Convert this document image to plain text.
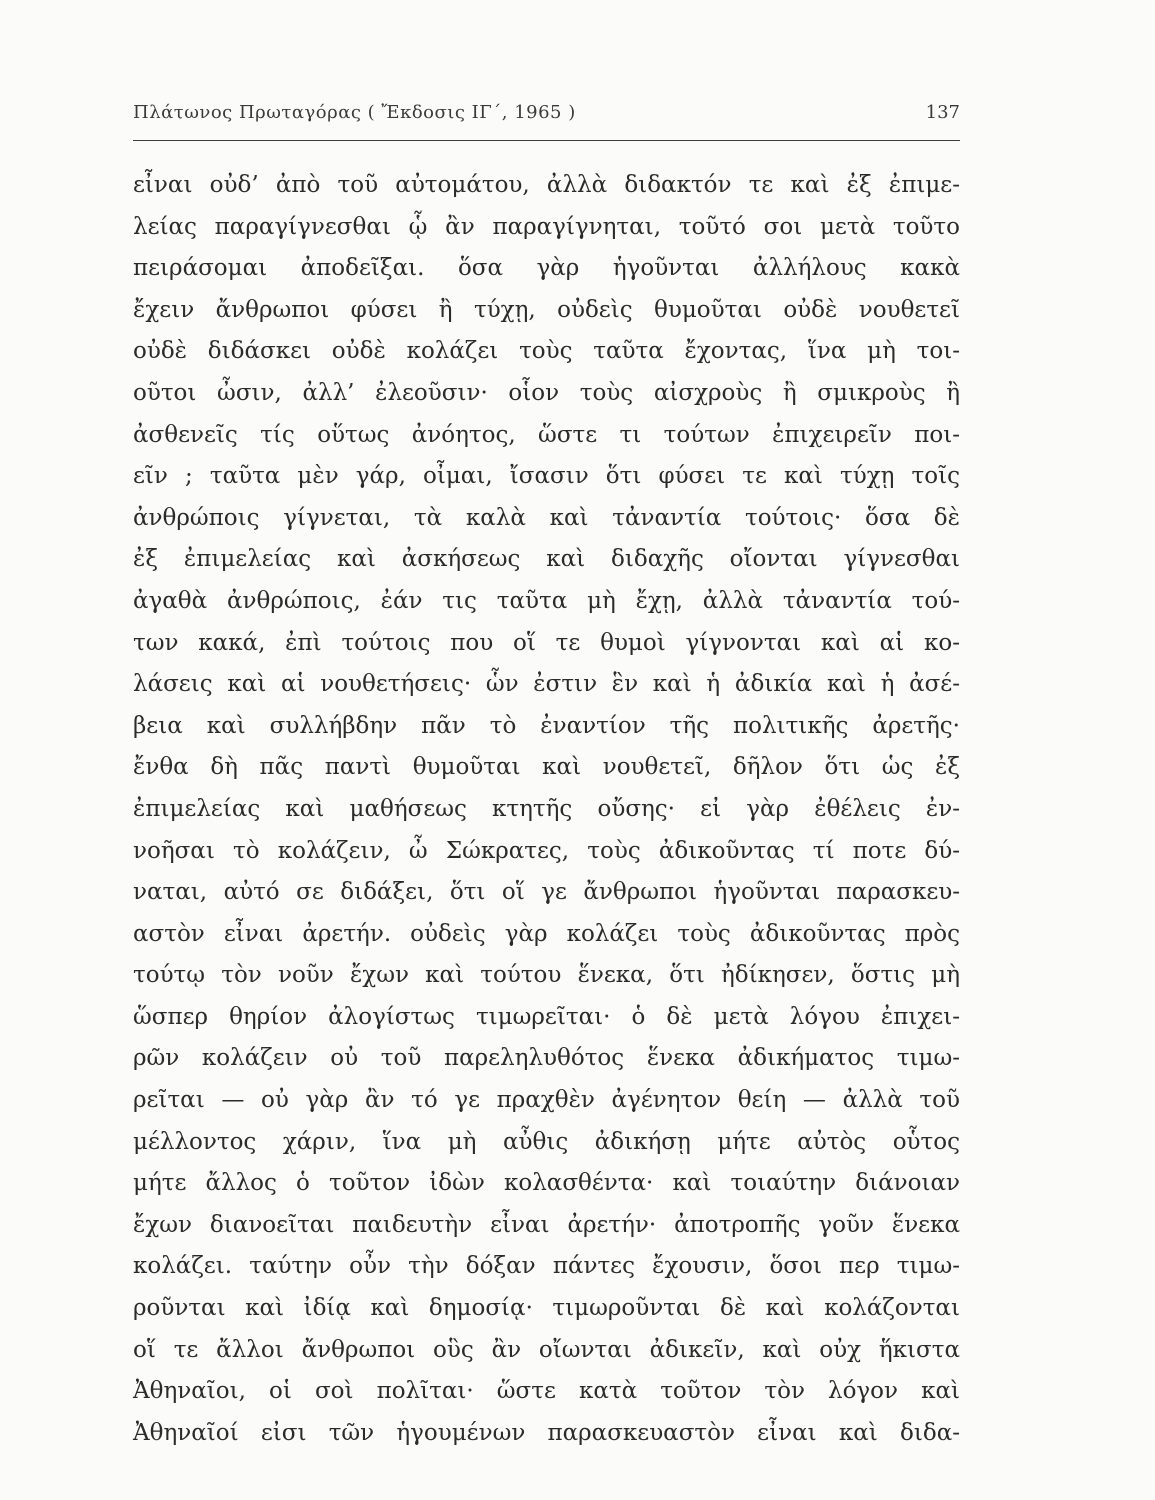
Πλάτωνος Πρωταγόρας ( Ἔκδοσις ΙΓ΄, 1965 )	137
εἶναι οὐδ’ ἀπὸ τοῦ αὐτομάτου, ἀλλὰ διδακτόν τε καὶ ἐξ ἐπιμε-
λείας παραγίγνεσθαι ᾧ ἂν παραγίγνηται, τοῦτό σοι μετὰ τοῦτο
πειράσομαι ἀποδεῖξαι. ὅσα γὰρ ἡγοῦνται ἀλλήλους κακὰ
ἔχειν ἄνθρωποι φύσει ἢ τύχῃ, οὐδεὶς θυμοῦται οὐδὲ νουθετεῖ
οὐδὲ διδάσκει οὐδὲ κολάζει τοὺς ταῦτα ἔχοντας, ἵνα μὴ τοι-
οῦτοι ὦσιν, ἀλλ’ ἐλεοῦσιν· οἷον τοὺς αἰσχροὺς ἢ σμικροὺς ἢ
ἀσθενεῖς τίς οὕτως ἀνόητος, ὥστε τι τούτων ἐπιχειρεῖν ποι-
εῖν ; ταῦτα μὲν γάρ, οἶμαι, ἴσασιν ὅτι φύσει τε καὶ τύχῃ τοῖς
ἀνθρώποις γίγνεται, τὰ καλὰ καὶ τἀναντία τούτοις· ὅσα δὲ
ἐξ ἐπιμελείας καὶ ἀσκήσεως καὶ διδαχῆς οἴονται γίγνεσθαι
ἀγαθὰ ἀνθρώποις, ἐάν τις ταῦτα μὴ ἔχῃ, ἀλλὰ τἀναντία τού-
των κακά, ἐπὶ τούτοις που οἵ τε θυμοὶ γίγνονται καὶ αἱ κο-
λάσεις καὶ αἱ νουθετήσεις· ὧν ἐστιν ἓν καὶ ἡ ἀδικία καὶ ἡ ἀσέ-
βεια καὶ συλλήβδην πᾶν τὸ ἐναντίον τῆς πολιτικῆς ἀρετῆς·
ἔνθα δὴ πᾶς παντὶ θυμοῦται καὶ νουθετεῖ, δῆλον ὅτι ὡς ἐξ
ἐπιμελείας καὶ μαθήσεως κτητῆς οὔσης· εἰ γὰρ ἐθέλεις ἐν-
νοῆσαι τὸ κολάζειν, ὦ Σώκρατες, τοὺς ἀδικοῦντας τί ποτε δύ-
ναται, αὐτό σε διδάξει, ὅτι οἵ γε ἄνθρωποι ἡγοῦνται παρασκευ-
αστὸν εἶναι ἀρετήν. οὐδεὶς γὰρ κολάζει τοὺς ἀδικοῦντας πρὸς
τούτῳ τὸν νοῦν ἔχων καὶ τούτου ἕνεκα, ὅτι ἠδίκησεν, ὅστις μὴ
ὥσπερ θηρίον ἀλογίστως τιμωρεῖται· ὁ δὲ μετὰ λόγου ἐπιχει-
ρῶν κολάζειν οὐ τοῦ παρεληλυθότος ἕνεκα ἀδικήματος τιμω-
ρεῖται — οὐ γὰρ ἂν τό γε πραχθὲν ἀγένητον θείη — ἀλλὰ τοῦ
μέλλοντος χάριν, ἵνα μὴ αὖθις ἀδικήσῃ μήτε αὐτὸς οὗτος
μήτε ἄλλος ὁ τοῦτον ἰδὼν κολασθέντα· καὶ τοιαύτην διάνοιαν
ἔχων διανοεῖται παιδευτὴν εἶναι ἀρετήν· ἀποτροπῆς γοῦν ἕνεκα
κολάζει. ταύτην οὖν τὴν δόξαν πάντες ἔχουσιν, ὅσοι περ τιμω-
ροῦνται καὶ ἰδίᾳ καὶ δημοσίᾳ· τιμωροῦνται δὲ καὶ κολάζονται
οἵ τε ἄλλοι ἄνθρωποι οὓς ἂν οἴωνται ἀδικεῖν, καὶ οὐχ ἥκιστα
Ἀθηναῖοι, οἱ σοὶ πολῖται· ὥστε κατὰ τοῦτον τὸν λόγον καὶ
Ἀθηναῖοί εἰσι τῶν ἡγουμένων παρασκευαστὸν εἶναι καὶ διδα-
